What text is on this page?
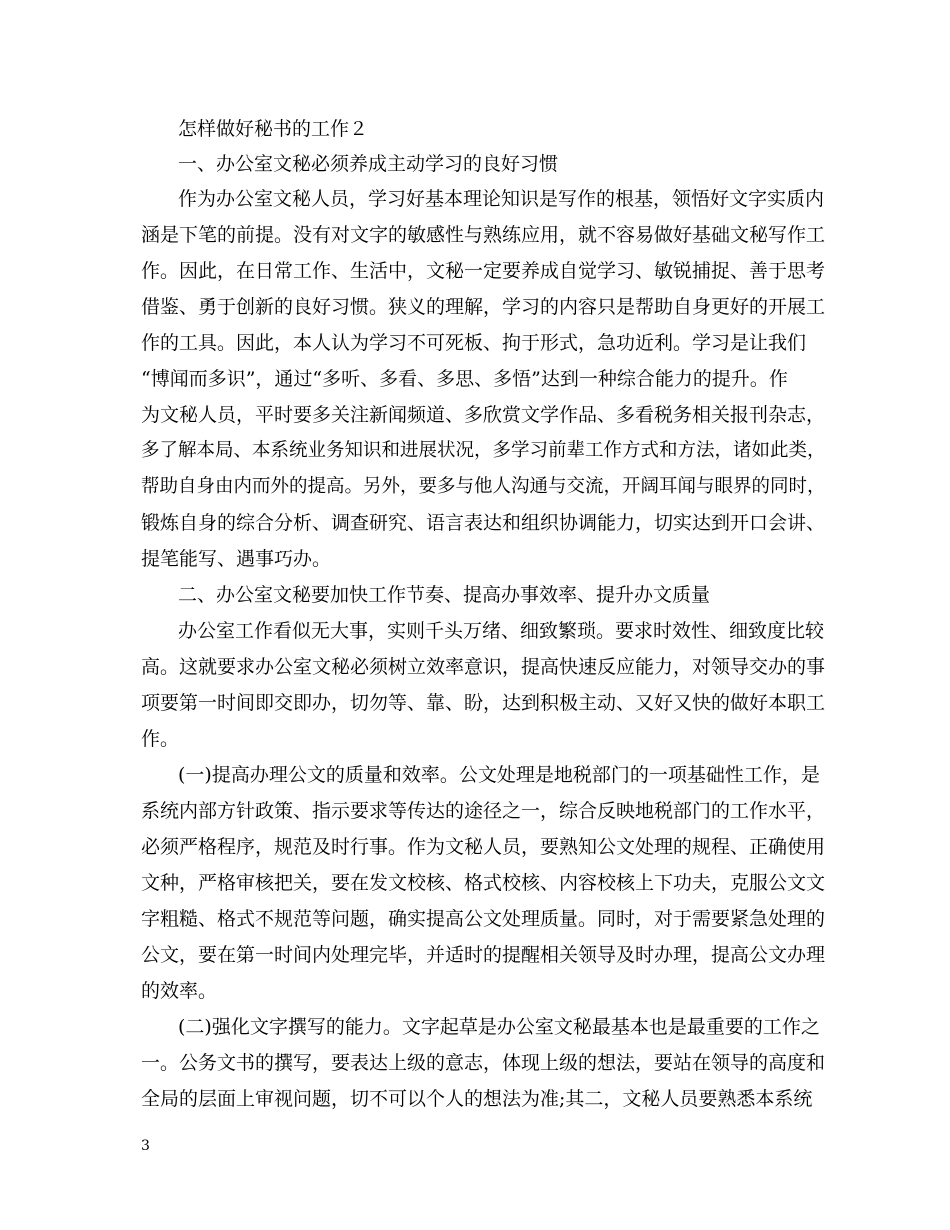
怎样做好秘书的工作２

一、办公室文秘必须养成主动学习的良好习惯

作为办公室文秘人员，学习好基本理论知识是写作的根基，领悟好文字实质内

涵是下笔的前提。没有对文字的敏感性与熟练应用，就不容易做好基础文秘写作工

作。因此，在日常工作、生活中，文秘一定要养成自觉学习、敏锐捕捉、善于思考

借鉴、勇于创新的良好习惯。狭义的理解，学习的内容只是帮助自身更好的开展工

作的工具。因此，本人认为学习不可死板、拘于形式，急功近利。学习是让我们

“博闻而多识”，通过“多听、多看、多思、多悟”达到一种综合能力的提升。作

为文秘人员，平时要多关注新闻频道、多欣赏文学作品、多看税务相关报刊杂志，

多了解本局、本系统业务知识和进展状况，多学习前辈工作方式和方法，诸如此类，

帮助自身由内而外的提高。另外，要多与他人沟通与交流，开阔耳闻与眼界的同时，

锻炼自身的综合分析、调查研究、语言表达和组织协调能力，切实达到开口会讲、

提笔能写、遇事巧办。

二、办公室文秘要加快工作节奏、提高办事效率、提升办文质量

办公室工作看似无大事，实则千头万绪、细致繁琐。要求时效性、细致度比较

高。这就要求办公室文秘必须树立效率意识，提高快速反应能力，对领导交办的事

项要第一时间即交即办，切勿等、靠、盼，达到积极主动、又好又快的做好本职工

作。

(一)提高办理公文的质量和效率。公文处理是地税部门的一项基础性工作，是

系统内部方针政策、指示要求等传达的途径之一，综合反映地税部门的工作水平，

必须严格程序，规范及时行事。作为文秘人员，要熟知公文处理的规程、正确使用

文种，严格审核把关，要在发文校核、格式校核、内容校核上下功夫，克服公文文

字粗糙、格式不规范等问题，确实提高公文处理质量。同时，对于需要紧急处理的

公文，要在第一时间内处理完毕，并适时的提醒相关领导及时办理，提高公文办理

的效率。

(二)强化文字撰写的能力。文字起草是办公室文秘最基本也是最重要的工作之

一。公务文书的撰写，要表达上级的意志，体现上级的想法，要站在领导的高度和

全局的层面上审视问题，切不可以个人的想法为准;其二，文秘人员要熟悉本系统

3
